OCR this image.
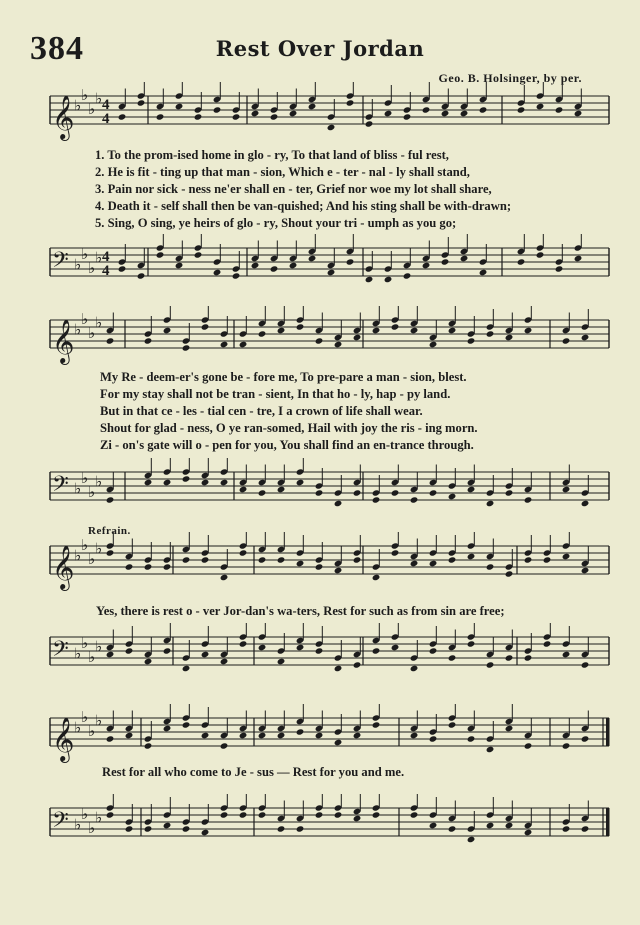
384	Rest Over Jordan
Geo. B. Holsinger, by per.
Refrain.
𝄞 ♭
♭
♭
♭ 4
4
𝄢 ♭
♭
♭
♭ 4
4
𝄞 ♭
♭
♭
♭
𝄢 ♭
♭
♭
♭
𝄞 ♭
♭
♭
♭
𝄢 ♭
♭
♭
♭
𝄞 ♭
♭
♭
♭
𝄢 ♭
♭
♭
♭
1. To the prom-ised home in glo - ry, To that land of bliss - ful rest,
2. He is fit - ting up that man - sion, Which e - ter - nal - ly shall stand,
3. Pain nor sick - ness ne'er shall en - ter, Grief nor woe my lot shall share,
4. Death it - self shall then be van-quished; And his sting shall be with-drawn;
5. Sing, O sing, ye heirs of glo - ry, Shout your tri - umph as you go;
My Re - deem-er's gone be - fore me, To pre-pare a man - sion, blest.
For my stay shall not be tran - sient, In that ho - ly, hap - py land.
But in that ce - les - tial cen - tre, I a crown of life shall wear.
Shout for glad - ness, O ye ran-somed, Hail with joy the ris - ing morn.
Zi - on's gate will o - pen for you, You shall find an en-trance through.
Yes, there is rest o - ver Jor-dan's wa-ters, Rest for such as from sin are free;
Rest for all who come to Je - sus — Rest for you and me.
